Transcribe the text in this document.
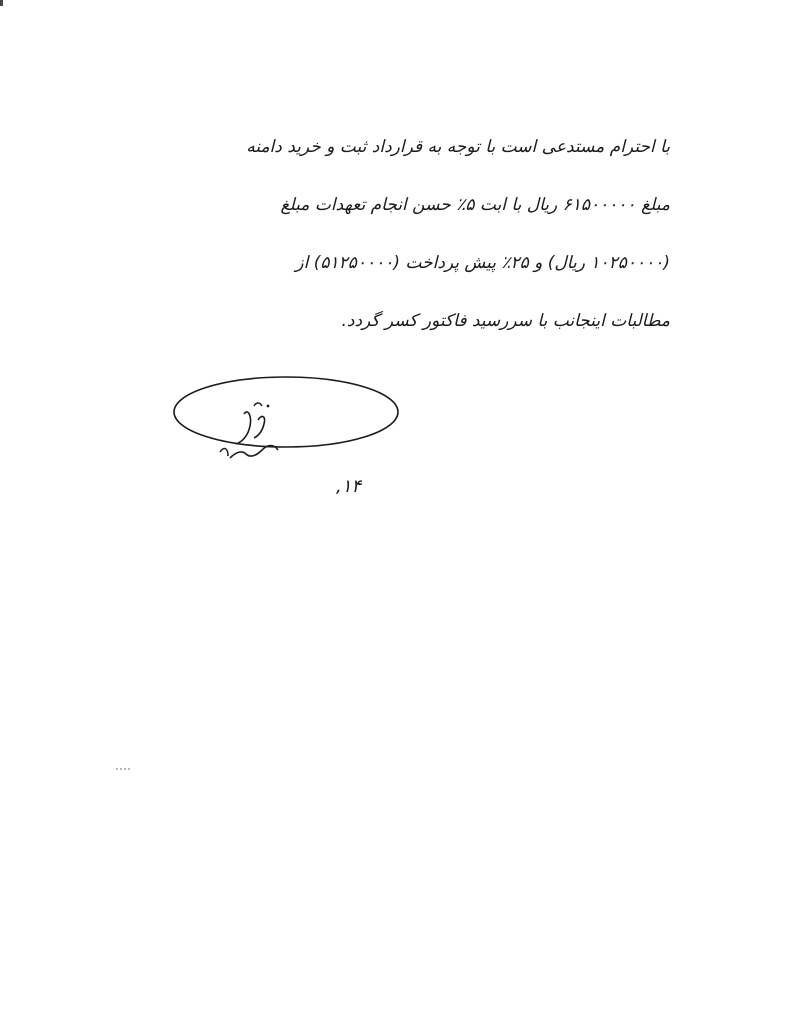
با احترام مستدعی است با توجه به قرارداد ثبت و خرید دامنه
مبلغ ۶۱۵۰۰۰۰۰ ریال با ابت ۵٪ حسن انجام تعهدات مبلغ
(۱۰۲۵۰۰۰۰ ریال) و ۲۵٪ پیش پرداخت (۵۱۲۵۰۰۰۰) از
مطالبات اینجانب با سررسید فاکتور کسر گردد.
,۱۴
